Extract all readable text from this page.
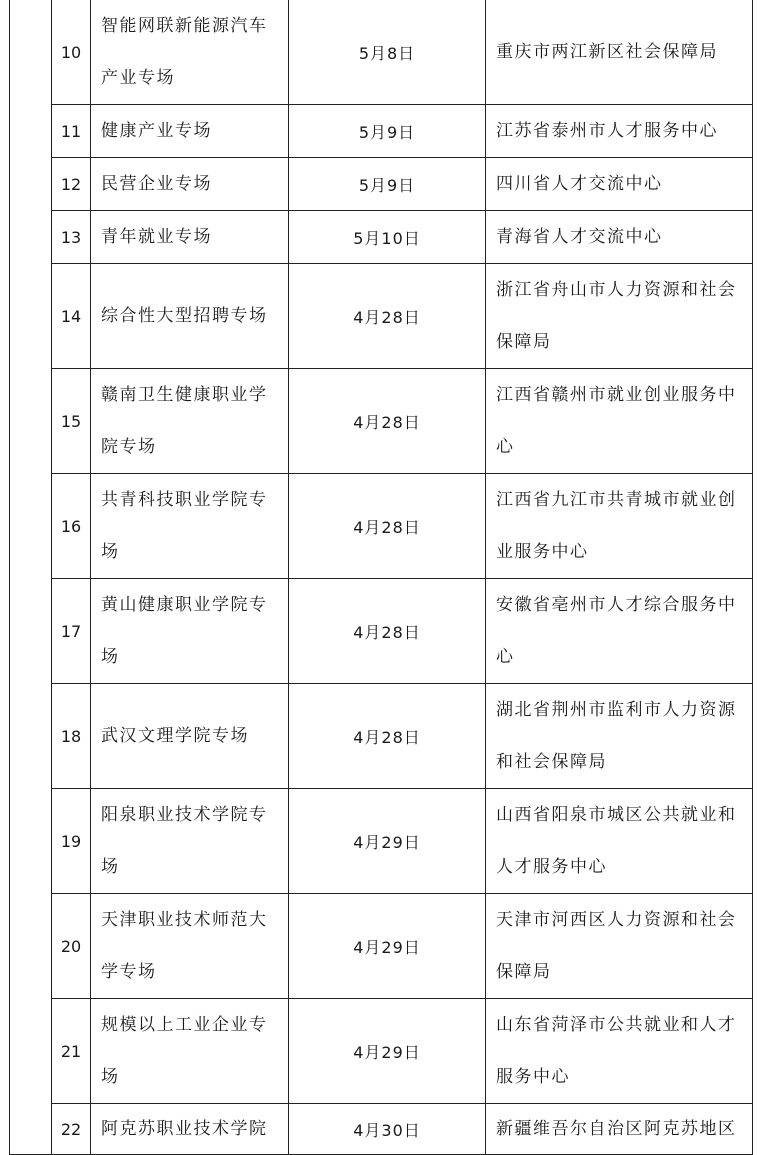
	10	智能网联新能源汽车产业专场	5月8日	重庆市两江新区社会保障局
	11	健康产业专场	5月9日	江苏省泰州市人才服务中心
	12	民营企业专场	5月9日	四川省人才交流中心
	13	青年就业专场	5月10日	青海省人才交流中心
	14	综合性大型招聘专场	4月28日	浙江省舟山市人力资源和社会保障局
	15	赣南卫生健康职业学院专场	4月28日	江西省赣州市就业创业服务中心
	16	共青科技职业学院专场	4月28日	江西省九江市共青城市就业创业服务中心
	17	黄山健康职业学院专场	4月28日	安徽省亳州市人才综合服务中心
	18	武汉文理学院专场	4月28日	湖北省荆州市监利市人力资源和社会保障局
	19	阳泉职业技术学院专场	4月29日	山西省阳泉市城区公共就业和人才服务中心
	20	天津职业技术师范大学专场	4月29日	天津市河西区人力资源和社会保障局
	21	规模以上工业企业专场	4月29日	山东省菏泽市公共就业和人才服务中心
	22	阿克苏职业技术学院	4月30日	新疆维吾尔自治区阿克苏地区
